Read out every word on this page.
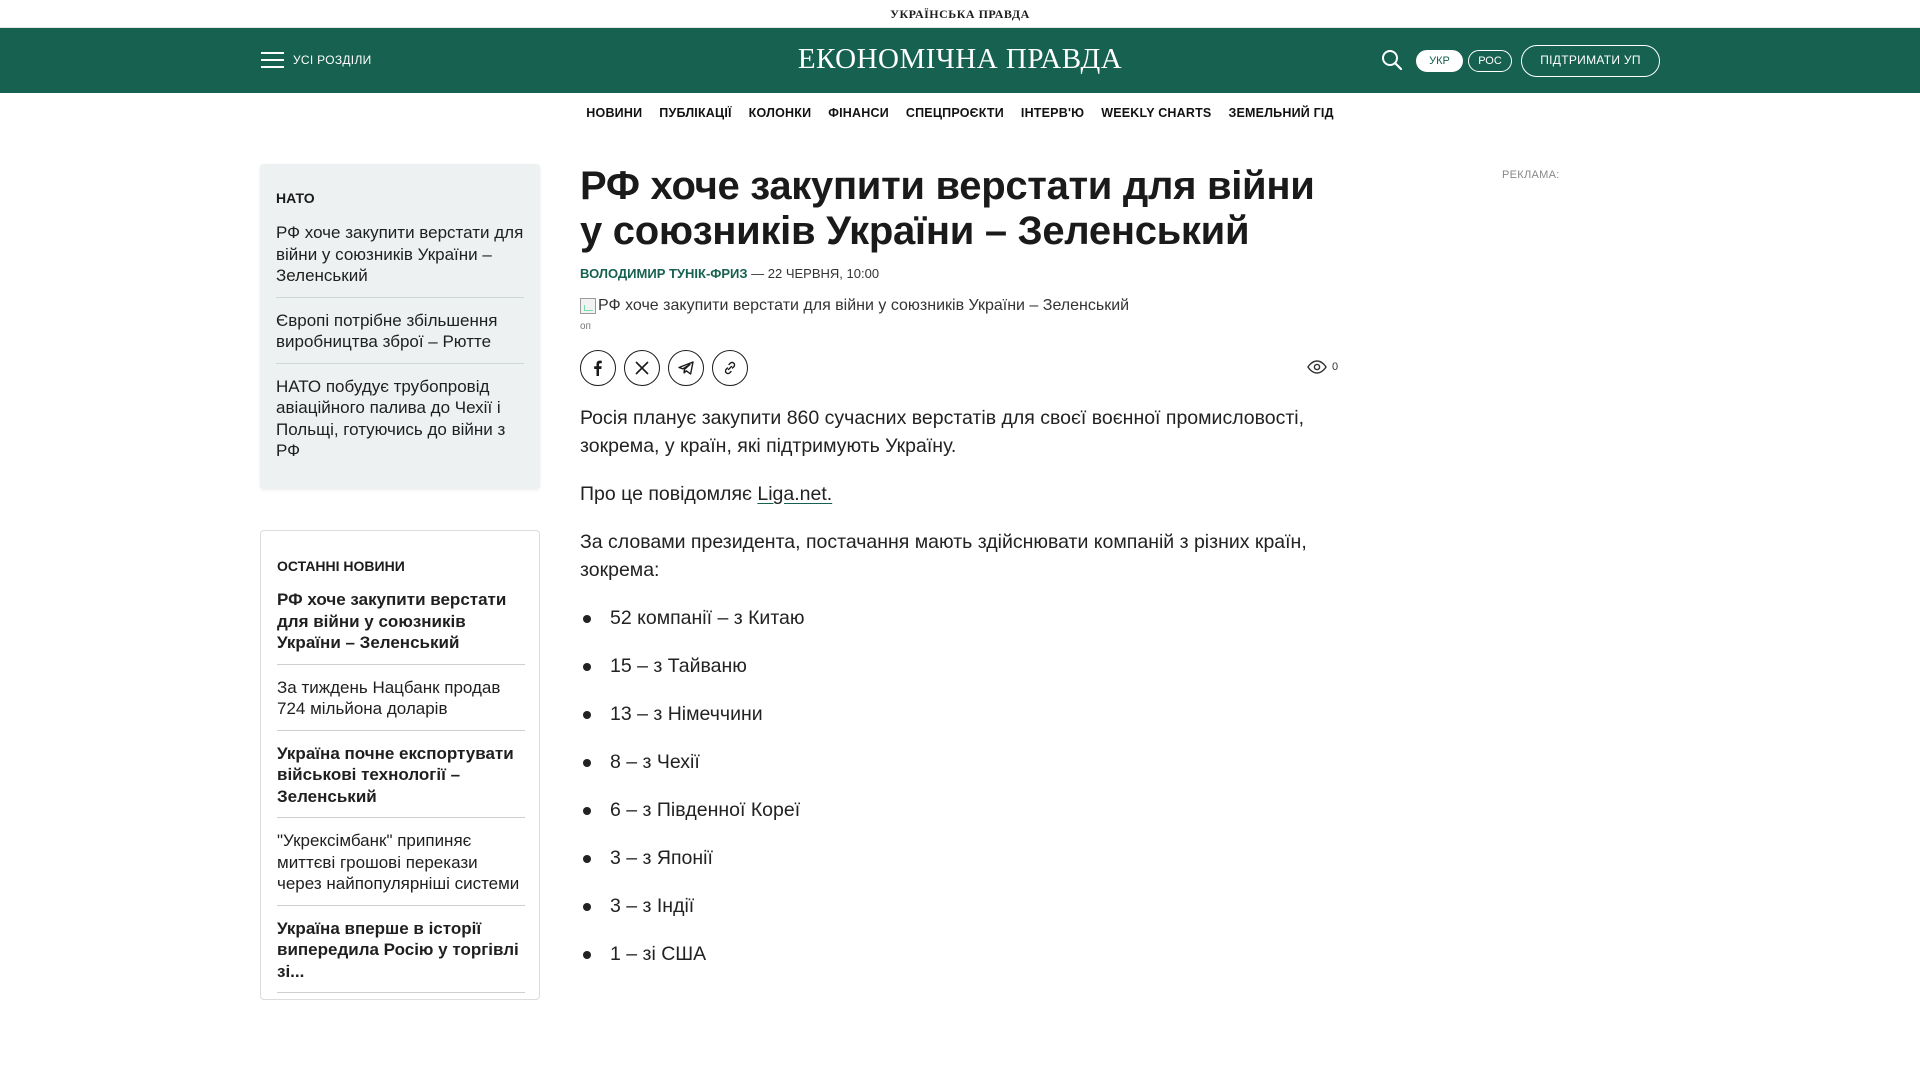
УКРАЇНСЬКА ПРАВДА
УСІ РОЗДІЛИ	ЕКОНОМІЧНА ПРАВДА	УКР	РОС	ПІДТРИМАТИ УП
НОВИНИ ПУБЛІКАЦІЇ КОЛОНКИ ФІНАНСИ СПЕЦПРОЄКТИ ІНТЕРВ'Ю WEEKLY CHARTS ЗЕМЕЛЬНИЙ ГІД
НАТО
РФ хоче закупити верстати для війни у союзників України – Зеленський
Європі потрібне збільшення виробництва зброї – Рютте
НАТО побудує трубопровід авіаційного палива до Чехії і Польщі, готуючись до війни з РФ
ОСТАННІ НОВИНИ
РФ хоче закупити верстати для війни у союзників України – Зеленський
За тиждень Нацбанк продав 724 мільйона доларів
Україна почне експортувати військові технології – Зеленський
"Укрексімбанк" припиняє миттєві грошові перекази через найпопулярніші системи
Україна вперше в історії випередила Росію у торгівлі зі...
РФ хоче закупити верстати для війни у союзників України – Зеленський
ВОЛОДИМИР ТУНІК-ФРИЗ — 22 ЧЕРВНЯ, 10:00
РФ хоче закупити верстати для війни у союзників України – Зеленський
оп
0

Росія планує закупити 860 сучасних верстатів для своєї воєнної промисловості, зокрема, у країн, які підтримують Україну.

Про це повідомляє Liga.net.

За словами президента, постачання мають здійснювати компаній з різних країн, зокрема:

52 компанії – з Китаю
15 – з Тайваню
13 – з Німеччини
8 – з Чехії
6 – з Південної Кореї
3 – з Японії
3 – з Індії
1 – зі США
РЕКЛАМА:
